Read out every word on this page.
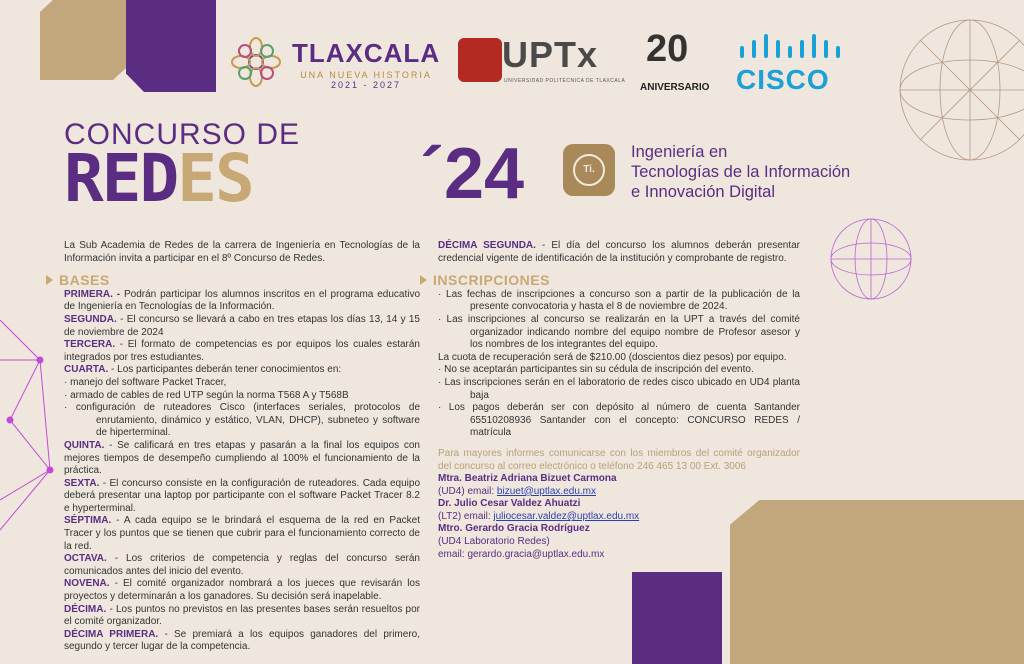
TLAXCALA
UNA NUEVA HISTORIA
2021 - 2027
UPTx
UNIVERSIDAD POLITÉCNICA DE TLAXCALA
20
ANIVERSARIO CISCO
CONCURSO DE
REDES ´24	Ti.
Ingeniería en
Tecnologías de la Información
e Innovación Digital

La Sub Academia de Redes de la carrera de Ingeniería en Tecnologías de la Información invita a participar en el 8º Concurso de Redes.

BASES

PRIMERA. - Podrán participar los alumnos inscritos en el programa educativo de Ingeniería en Tecnologías de la Información.

SEGUNDA. - El concurso se llevará a cabo en tres etapas los días 13, 14 y 15 de noviembre de 2024

TERCERA. - El formato de competencias es por equipos los cuales estarán integrados por tres estudiantes.

CUARTA. - Los participantes deberán tener conocimientos en:

· manejo del software Packet Tracer,

· armado de cables de red UTP según la norma T568 A y T568B

· configuración de ruteadores Cisco (interfaces seriales, protocolos de enrutamiento, dinámico y estático, VLAN, DHCP), subneteo y software de hiperterminal.

QUINTA. - Se calificará en tres etapas y pasarán a la final los equipos con mejores tiempos de desempeño cumpliendo al 100% el funcionamiento de la práctica.

SEXTA. - El concurso consiste en la configuración de ruteadores. Cada equipo deberá presentar una laptop por participante con el software Packet Tracer 8.2 e hyperterminal.

SÉPTIMA. - A cada equipo se le brindará el esquema de la red en Packet Tracer y los puntos que se tienen que cubrir para el funcionamiento correcto de la red.

OCTAVA. - Los criterios de competencia y reglas del concurso serán comunicados antes del inicio del evento.

NOVENA. - El comité organizador nombrará a los jueces que revisarán los proyectos y determinarán a los ganadores. Su decisión será inapelable.

DÉCIMA. - Los puntos no previstos en las presentes bases serán resueltos por el comité organizador.

DÉCIMA PRIMERA. - Se premiará a los equipos ganadores del primero, segundo y tercer lugar de la competencia.

DÉCIMA SEGUNDA. - El día del concurso los alumnos deberán presentar credencial vigente de identificación de la institución y comprobante de registro.

INSCRIPCIONES

· Las fechas de inscripciones a concurso son a partir de la publicación de la presente convocatoria y hasta el 8 de noviembre de 2024.

· Las inscripciones al concurso se realizarán en la UPT a través del comité organizador indicando nombre del equipo nombre de Profesor asesor y los nombres de los integrantes del equipo.

La cuota de recuperación será de $210.00 (doscientos diez pesos) por equipo.

· No se aceptarán participantes sin su cédula de inscripción del evento.

· Las inscripciones serán en el laboratorio de redes cisco ubicado en UD4 planta baja

· Los pagos deberán ser con depósito al número de cuenta Santander 65510208936 Santander con el concepto: CONCURSO REDES / matrícula

Para mayores informes comunicarse con los miembros del comité organizador del concurso al correo electrónico o teléfono 246 465 13 00 Ext. 3006

Mtra. Beatriz Adriana Bizuet Carmona

(UD4) email: bizuet@uptlax.edu.mx

Dr. Julio Cesar Valdez Ahuatzi

(LT2) email: juliocesar.valdez@uptlax.edu.mx

Mtro. Gerardo Gracia Rodríguez

(UD4 Laboratorio Redes)

email: gerardo.gracia@uptlax.edu.mx
